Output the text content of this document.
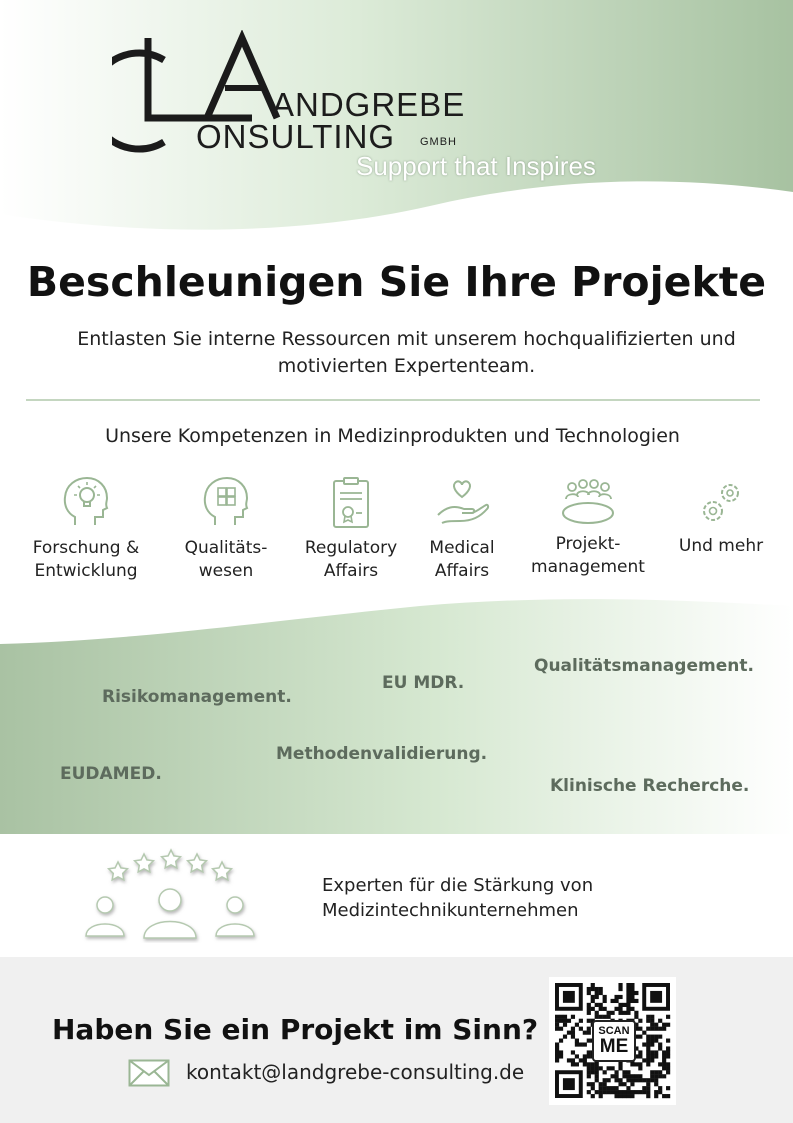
ANDGREBE
ONSULTING GMBH
Support that Inspires
Beschleunigen Sie Ihre Projekte
Entlasten Sie interne Ressourcen mit unserem hochqualifizierten und motivierten Expertenteam.
Unsere Kompetenzen in Medizinprodukten und Technologien
Forschung &
Entwicklung
Qualitäts-
wesen
Regulatory
Affairs
Medical
Affairs
Projekt-
management
Und mehr
Qualitätsmanagement.
EU MDR.
Risikomanagement.
Methodenvalidierung.
EUDAMED.
Klinische Recherche.
Experten für die Stärkung von Medizintechnikunternehmen
Haben Sie ein Projekt im Sinn?
kontakt@landgrebe-consulting.de
SCAN
ME
